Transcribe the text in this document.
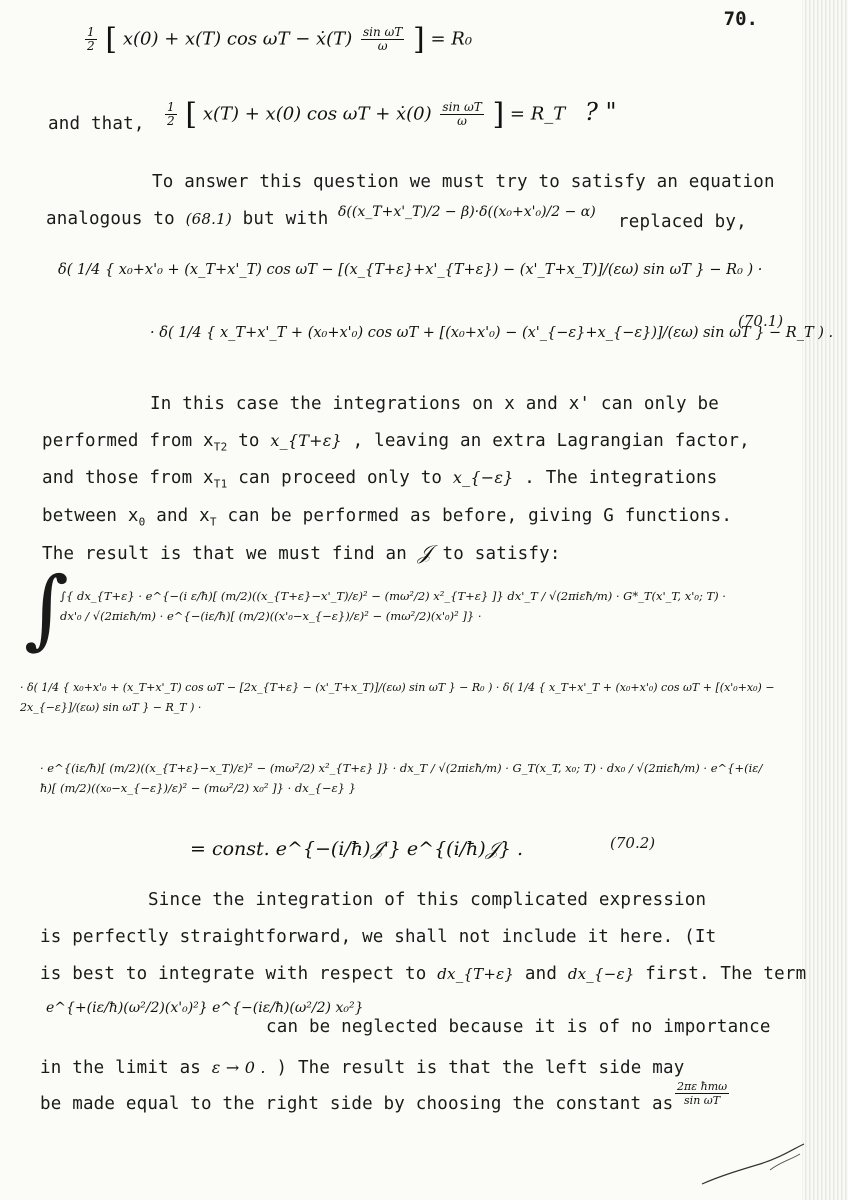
70.
$\frac{1}{2}$ [ x(0) + x(T) cos ωT − ẋ(T) $\frac{\text{sin ωT}}{\omega}$ ] = R₀
and that, $\frac{1}{2}$ [ x(T) + x(0) cos ωT + ẋ(0) $\frac{\text{sin ωT}}{\omega}$ ] = R_T ? "
To answer this question we must try to satisfy an equation
analogous to (68.1) but with δ((x_T+x'_T)/2 − β)·δ((x₀+x'₀)/2 − α) replaced by,
δ( 1/4 { x₀+x'₀ + (x_T+x'_T) cos ωT − [(x_{T+ε}+x'_{T+ε}) − (x'_T+x_T)]/(εω) sin ωT } − R₀ ) ·
· δ( 1/4 { x_T+x'_T + (x₀+x'₀) cos ωT + [(x₀+x'₀) − (x'_{−ε}+x_{−ε})]/(εω) sin ωT } − R_T ) .
(70.1)
In this case the integrations on x and x' can only be
performed from $x_{T2}$ to x_{T+ε} , leaving an extra Lagrangian factor,
and those from $x_{T1}$ can proceed only to x_{−ε} . The integrations
between $x_0$ and $x_T$ can be performed as before, giving G functions.
The result is that we must find an 𝒥 to satisfy:
∫
∫{ dx_{T+ε} · e^{−(i ε/ħ)[ (m/2)((x_{T+ε}−x'_T)/ε)² − (mω²/2) x²_{T+ε} ]} dx'_T / √(2πiεħ/m) · G*_T(x'_T, x'₀; T) · dx'₀ / √(2πiεħ/m) · e^{−(iε/ħ)[ (m/2)((x'₀−x_{−ε})/ε)² − (mω²/2)(x'₀)² ]} ·
· δ( 1/4 { x₀+x'₀ + (x_T+x'_T) cos ωT − [2x_{T+ε} − (x'_T+x_T)]/(εω) sin ωT } − R₀ ) · δ( 1/4 { x_T+x'_T + (x₀+x'₀) cos ωT + [(x'₀+x₀) − 2x_{−ε}]/(εω) sin ωT } − R_T ) ·
· e^{(iε/ħ)[ (m/2)((x_{T+ε}−x_T)/ε)² − (mω²/2) x²_{T+ε} ]} · dx_T / √(2πiεħ/m) · G_T(x_T, x₀; T) · dx₀ / √(2πiεħ/m) · e^{+(iε/ħ)[ (m/2)((x₀−x_{−ε})/ε)² − (mω²/2) x₀² ]} · dx_{−ε} }
= const. e^{−(i/ħ)𝒥'} e^{(i/ħ)𝒥} .	(70.2)
Since the integration of this complicated expression
is perfectly straightforward, we shall not include it here. (It
is best to integrate with respect to dx_{T+ε} and dx_{−ε} first. The term
e^{+(iε/ħ)(ω²/2)(x'₀)²} e^{−(iε/ħ)(ω²/2) x₀²}
can be neglected because it is of no importance
in the limit as ε → 0 . ) The result is that the left side may
be made equal to the right side by choosing the constant as $\frac{\text{2πε ħmω}}{\text{sin ωT}}$
